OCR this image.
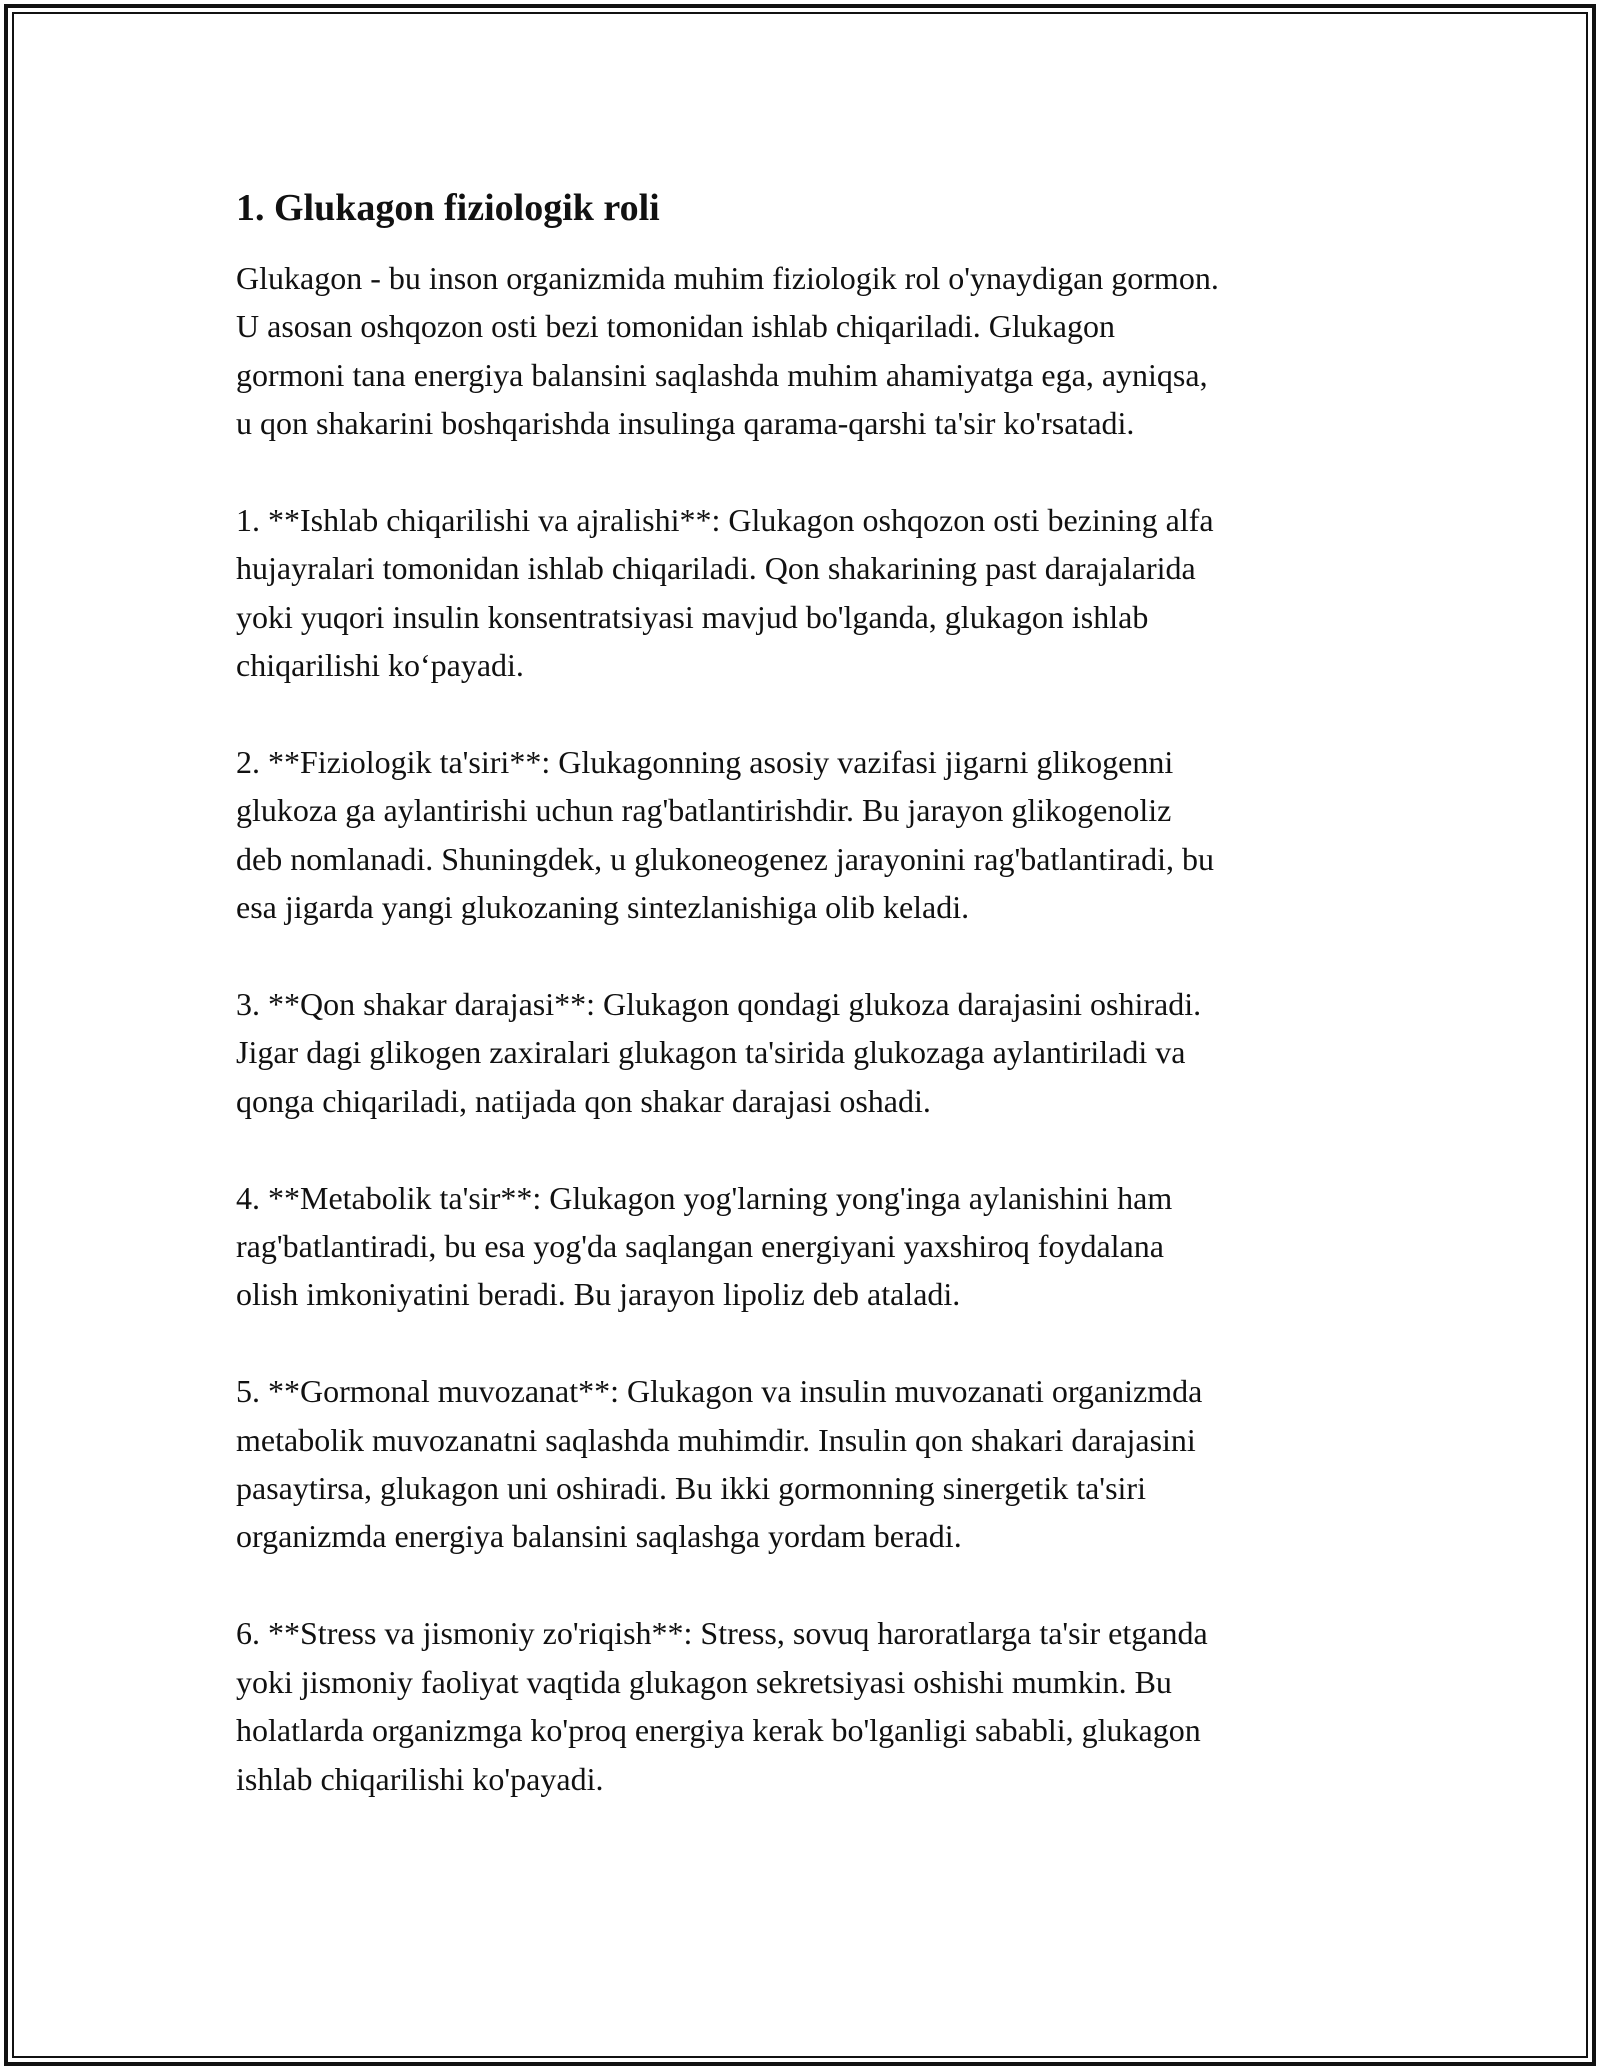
1. Glukagon fiziologik roli

Glukagon - bu inson organizmida muhim fiziologik rol o'ynaydigan gormon.
U asosan oshqozon osti bezi tomonidan ishlab chiqariladi. Glukagon
gormoni tana energiya balansini saqlashda muhim ahamiyatga ega, ayniqsa,
u qon shakarini boshqarishda insulinga qarama-qarshi ta'sir ko'rsatadi.

1. **Ishlab chiqarilishi va ajralishi**: Glukagon oshqozon osti bezining alfa
hujayralari tomonidan ishlab chiqariladi. Qon shakarining past darajalarida
yoki yuqori insulin konsentratsiyasi mavjud bo'lganda, glukagon ishlab
chiqarilishi ko‘payadi.

2. **Fiziologik ta'siri**: Glukagonning asosiy vazifasi jigarni glikogenni
glukoza ga aylantirishi uchun rag'batlantirishdir. Bu jarayon glikogenoliz
deb nomlanadi. Shuningdek, u glukoneogenez jarayonini rag'batlantiradi, bu
esa jigarda yangi glukozaning sintezlanishiga olib keladi.

3. **Qon shakar darajasi**: Glukagon qondagi glukoza darajasini oshiradi.
Jigar dagi glikogen zaxiralari glukagon ta'sirida glukozaga aylantiriladi va
qonga chiqariladi, natijada qon shakar darajasi oshadi.

4. **Metabolik ta'sir**: Glukagon yog'larning yong'inga aylanishini ham
rag'batlantiradi, bu esa yog'da saqlangan energiyani yaxshiroq foydalana
olish imkoniyatini beradi. Bu jarayon lipoliz deb ataladi.

5. **Gormonal muvozanat**: Glukagon va insulin muvozanati organizmda
metabolik muvozanatni saqlashda muhimdir. Insulin qon shakari darajasini
pasaytirsa, glukagon uni oshiradi. Bu ikki gormonning sinergetik ta'siri
organizmda energiya balansini saqlashga yordam beradi.

6. **Stress va jismoniy zo'riqish**: Stress, sovuq haroratlarga ta'sir etganda
yoki jismoniy faoliyat vaqtida glukagon sekretsiyasi oshishi mumkin. Bu
holatlarda organizmga ko'proq energiya kerak bo'lganligi sababli, glukagon
ishlab chiqarilishi ko'payadi.
